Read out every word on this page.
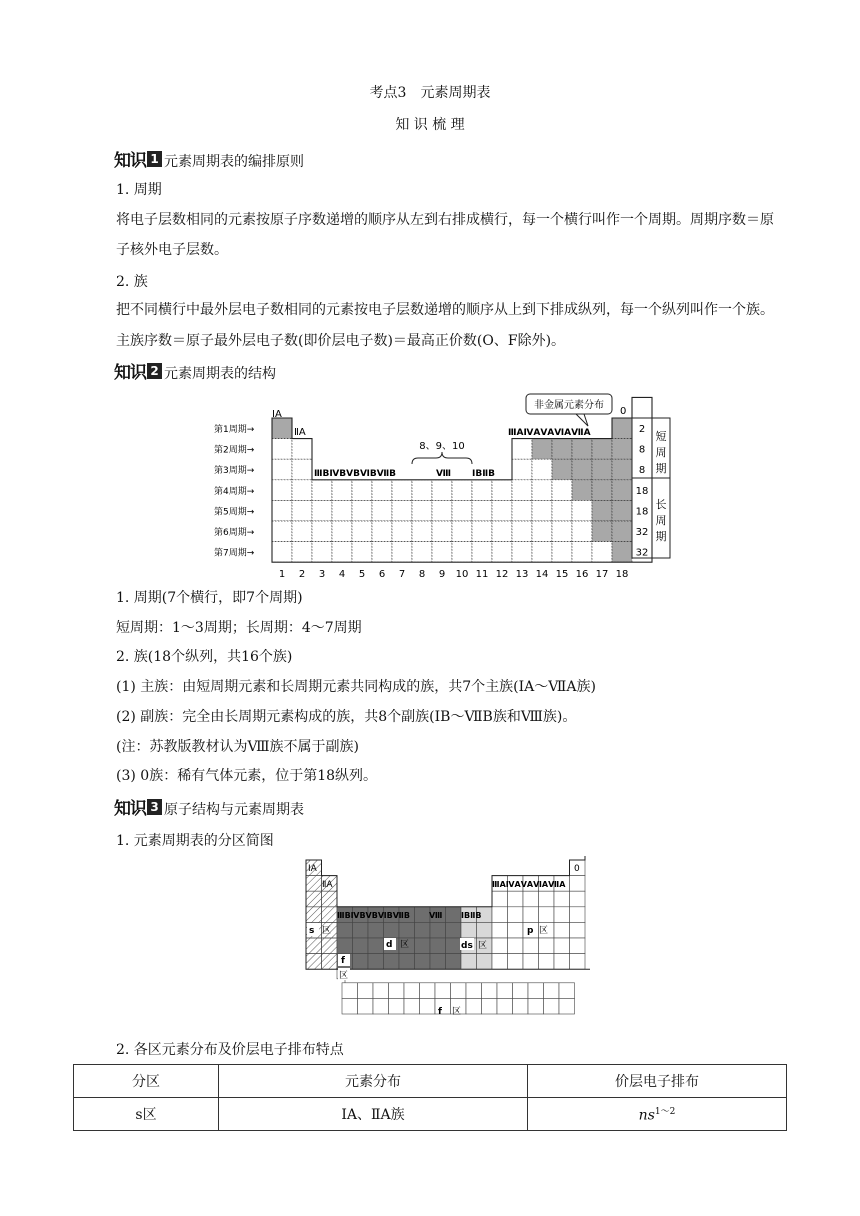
考点3　元素周期表
知 识 梳 理
知识 1 元素周期表的编排原则
1. 周期
将电子层数相同的元素按原子序数递增的顺序从左到右排成横行，每一个横行叫作一个周期。周期序数＝原子核外电子层数。
2. 族
把不同横行中最外层电子数相同的元素按电子层数递增的顺序从上到下排成纵列，每一个纵列叫作一个族。主族序数＝原子最外层电子数(即价层电子数)＝最高正价数(O、F除外)。
知识 2 元素周期表的结构
第1周期→
第2周期→
第3周期→
第4周期→
第5周期→
第6周期→
第7周期→
1 2 3 4 5 6 7 8 9 10 11 12 13 14 15 16 17 18
非金属元素分布
ⅠA
ⅡA
ⅢBⅣBⅤBⅥBⅦB	Ⅷ ⅠBⅡB
ⅢAⅣAⅤAⅥAⅦA
0
8、9、10
2
8
8
18
18
32
32
短
周
期
长
周
期
1. 周期(7个横行，即7个周期)
短周期：1～3周期；长周期：4～7周期
2. 族(18个纵列，共16个族)
(1) 主族：由短周期元素和长周期元素共同构成的族，共7个主族(ⅠA～ⅦA族)
(2) 副族：完全由长周期元素构成的族，共8个副族(ⅠB～ⅦB族和Ⅷ族)。
(注：苏教版教材认为Ⅷ族不属于副族)
(3) 0族：稀有气体元素，位于第18纵列。
知识 3 原子结构与元素周期表
1. 元素周期表的分区简图
ⅠA
ⅡA
0
ⅢAⅣAⅤAⅥAⅦA
ⅢBⅣBⅤBⅥBⅦB Ⅷ ⅠBⅡB
s 区
d 区	ds 区
p 区
f
区
f 区
2. 各区元素分布及价层电子排布特点
分区	元素分布	价层电子排布
s区	ⅠA、ⅡA族	$ns^{1\sim 2}$
